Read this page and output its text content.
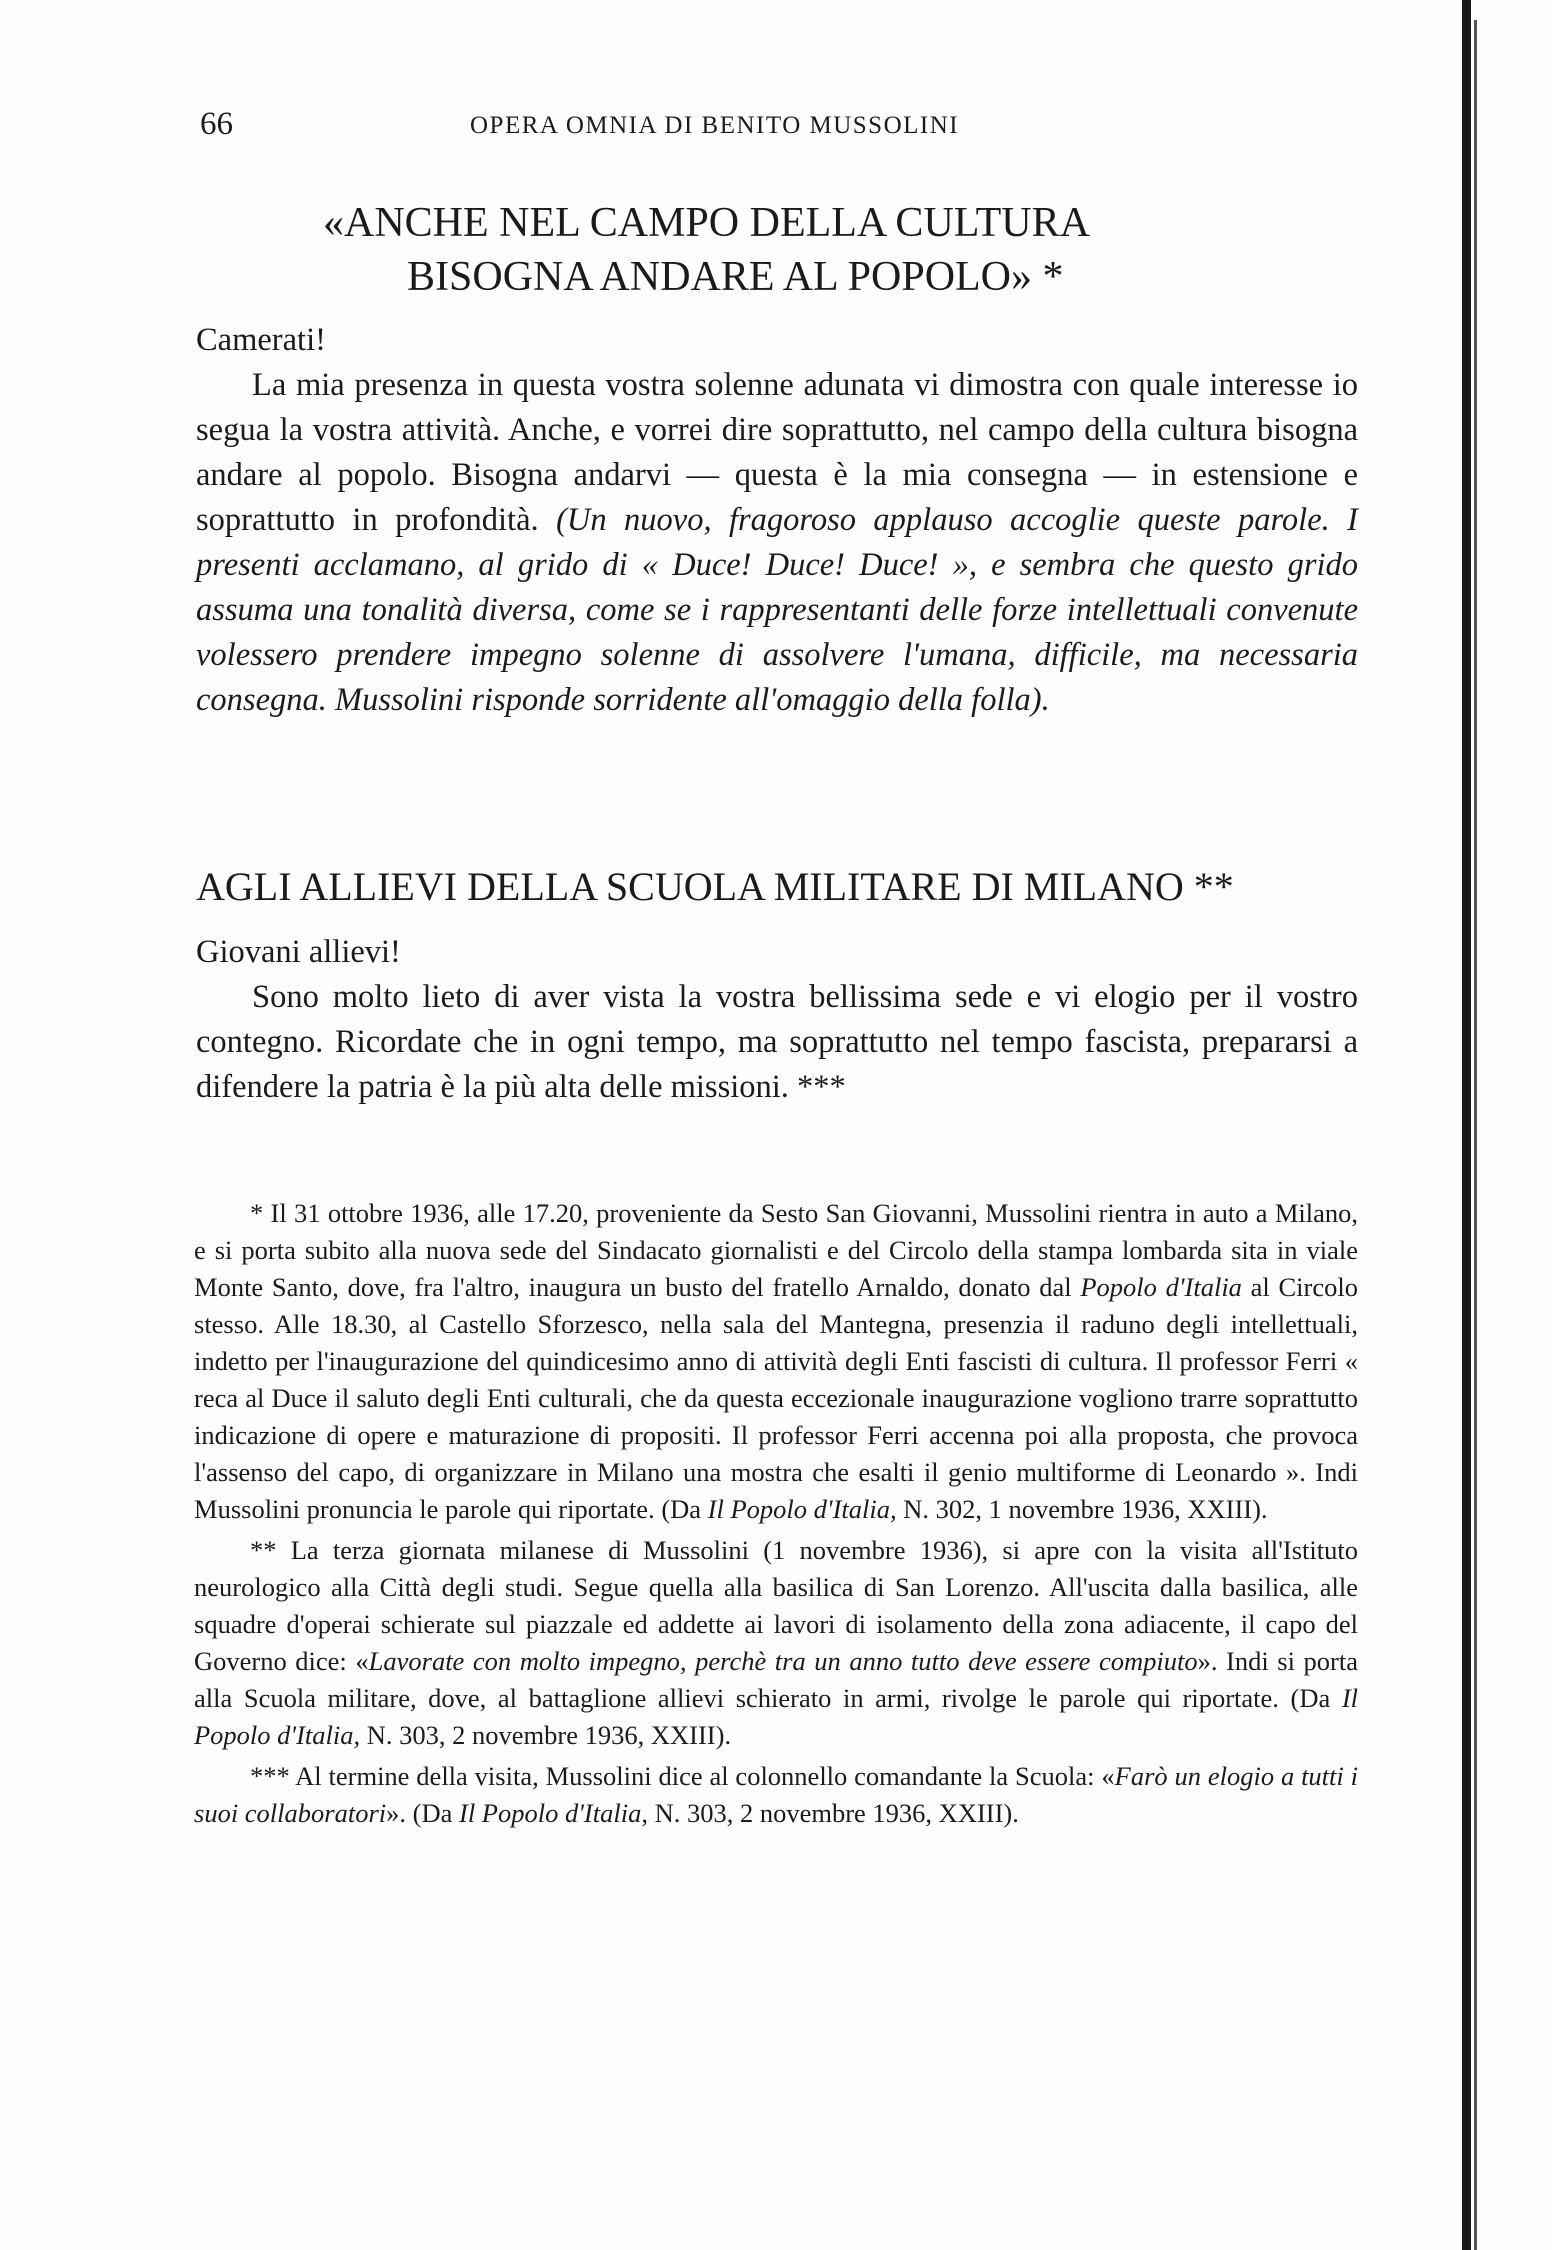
66	OPERA OMNIA DI BENITO MUSSOLINI
«ANCHE NEL CAMPO DELLA CULTURA
BISOGNA ANDARE AL POPOLO» *

Camerati!

La mia presenza in questa vostra solenne adunata vi dimostra con quale interesse io segua la vostra attività. Anche, e vorrei dire soprattutto, nel campo della cultura bisogna andare al popolo. Bisogna andarvi — questa è la mia consegna — in estensione e soprattutto in profondità. (Un nuovo, fragoroso applauso accoglie queste parole. I presenti acclamano, al grido di « Duce! Duce! Duce! », e sembra che questo grido assuma una tonalità diversa, come se i rappresentanti delle forze intellettuali convenute volessero prendere impegno solenne di assolvere l'umana, difficile, ma necessaria consegna. Mussolini risponde sorridente all'omaggio della folla).

AGLI ALLIEVI DELLA SCUOLA MILITARE DI MILANO **

Giovani allievi!

Sono molto lieto di aver vista la vostra bellissima sede e vi elogio per il vostro contegno. Ricordate che in ogni tempo, ma soprattutto nel tempo fascista, prepararsi a difendere la patria è la più alta delle missioni. ***

* Il 31 ottobre 1936, alle 17.20, proveniente da Sesto San Giovanni, Mussolini rientra in auto a Milano, e si porta subito alla nuova sede del Sindacato giornalisti e del Circolo della stampa lombarda sita in viale Monte Santo, dove, fra l'altro, inaugura un busto del fratello Arnaldo, donato dal Popolo d'Italia al Circolo stesso. Alle 18.30, al Castello Sforzesco, nella sala del Mantegna, presenzia il raduno degli intellettuali, indetto per l'inaugurazione del quindicesimo anno di attività degli Enti fascisti di cultura. Il professor Ferri « reca al Duce il saluto degli Enti culturali, che da questa eccezionale inaugurazione vogliono trarre soprattutto indicazione di opere e maturazione di propositi. Il professor Ferri accenna poi alla proposta, che provoca l'assenso del capo, di organizzare in Milano una mostra che esalti il genio multiforme di Leonardo ». Indi Mussolini pronuncia le parole qui riportate. (Da Il Popolo d'Italia, N. 302, 1 novembre 1936, XXIII).

** La terza giornata milanese di Mussolini (1 novembre 1936), si apre con la visita all'Istituto neurologico alla Città degli studi. Segue quella alla basilica di San Lorenzo. All'uscita dalla basilica, alle squadre d'operai schierate sul piazzale ed addette ai lavori di isolamento della zona adiacente, il capo del Governo dice: «Lavorate con molto impegno, perchè tra un anno tutto deve essere compiuto». Indi si porta alla Scuola militare, dove, al battaglione allievi schierato in armi, rivolge le parole qui riportate. (Da Il Popolo d'Italia, N. 303, 2 novembre 1936, XXIII).

*** Al termine della visita, Mussolini dice al colonnello comandante la Scuola: «Farò un elogio a tutti i suoi collaboratori». (Da Il Popolo d'Italia, N. 303, 2 novembre 1936, XXIII).
